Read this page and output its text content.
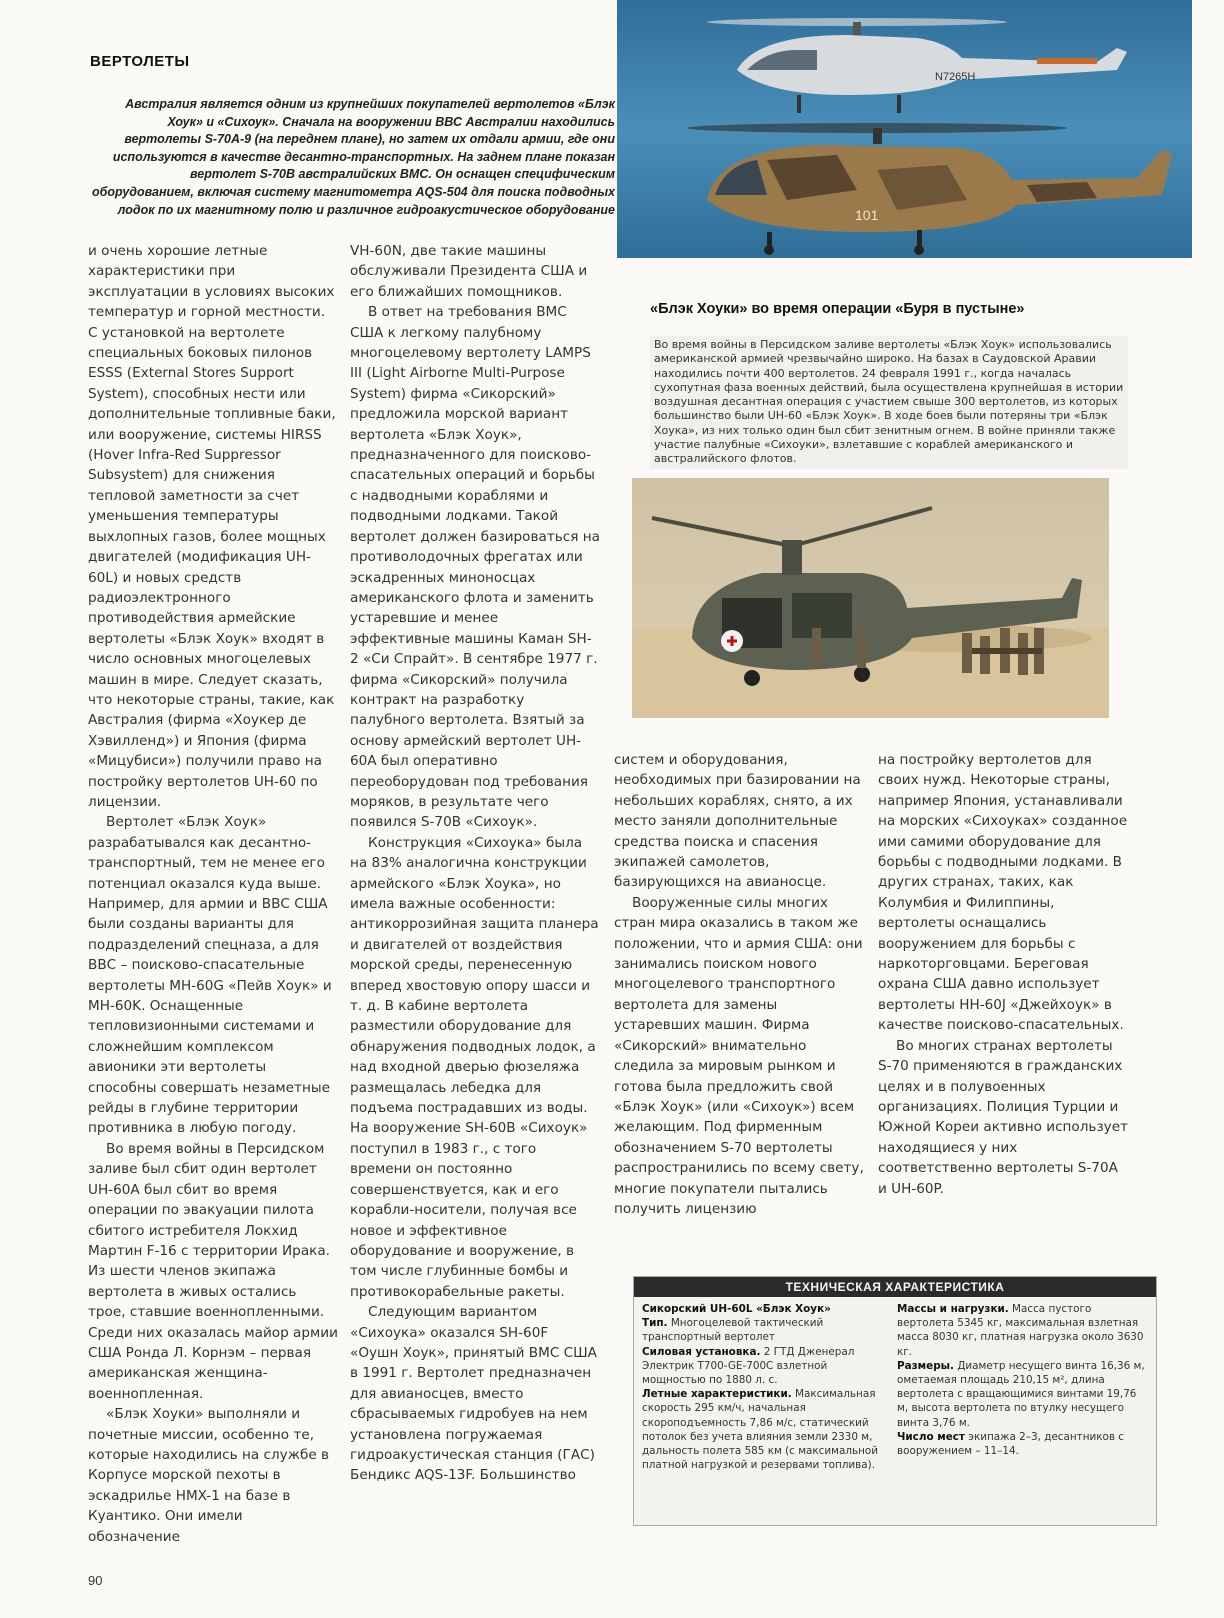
ВЕРТОЛЕТЫ
Австралия является одним из крупнейших покупателей вертолетов «Блэк Хоук» и «Сихоук». Сначала на вооружении ВВС Австралии находились вертолеты S-70A-9 (на переднем плане), но затем их отдали армии, где они используются в качестве десантно-транспортных. На заднем плане показан вертолет S-70B австралийских ВМС. Он оснащен специфическим оборудованием, включая систему магнитометра AQS-504 для поиска подводных лодок по их магнитному полю и различное гидроакустическое оборудование
N7265H
101
«Блэк Хоуки» во время операции «Буря в пустыне»
Во время войны в Персидском заливе вертолеты «Блэк Хоук» использовались американской армией чрезвычайно широко. На базах в Саудовской Аравии находились почти 400 вертолетов. 24 февраля 1991 г., когда началась сухопутная фаза военных действий, была осуществлена крупнейшая в истории воздушная десантная операция с участием свыше 300 вертолетов, из которых большинство были UH-60 «Блэк Хоук». В ходе боев были потеряны три «Блэк Хоука», из них только один был сбит зенитным огнем. В войне приняли также участие палубные «Сихоуки», взлетавшие с кораблей американского и австралийского флотов.

и очень хорошие летные характеристики при эксплуатации в условиях высоких температур и горной местности. С установкой на вертолете специальных боковых пилонов ESSS (External Stores Support System), способных нести или дополнительные топливные баки, или вооружение, системы HIRSS (Hover Infra-Red Suppressor Subsystem) для снижения тепловой заметности за счет уменьшения температуры выхлопных газов, более мощных двигателей (модификация UH-60L) и новых средств радиоэлектронного противодействия армейские вертолеты «Блэк Хоук» входят в число основных многоцелевых машин в мире. Следует сказать, что некоторые страны, такие, как Австралия (фирма «Хоукер де Хэвилленд») и Япония (фирма «Мицубиси») получили право на постройку вертолетов UH-60 по лицензии.

Вертолет «Блэк Хоук» разрабатывался как десантно-транспортный, тем не менее его потенциал оказался куда выше. Например, для армии и ВВС США были созданы варианты для подразделений спецназа, а для ВВС – поисково-спасательные вертолеты MH-60G «Пейв Хоук» и MH-60K. Оснащенные тепловизионными системами и сложнейшим комплексом авионики эти вертолеты способны совершать незаметные рейды в глубине территории противника в любую погоду.

Во время войны в Персидском заливе был сбит один вертолет UH-60A был сбит во время операции по эвакуации пилота сбитого истребителя Локхид Мартин F-16 с территории Ирака. Из шести членов экипажа вертолета в живых остались трое, ставшие военнопленными. Среди них оказалась майор армии США Ронда Л. Корнэм – первая американская женщина-военнопленная.

«Блэк Хоуки» выполняли и почетные миссии, особенно те, которые находились на службе в Корпусе морской пехоты в эскадрилье HMX-1 на базе в Куантико. Они имели обозначение

VH-60N, две такие машины обслуживали Президента США и его ближайших помощников.

В ответ на требования ВМС США к легкому палубному многоцелевому вертолету LAMPS III (Light Airborne Multi-Purpose System) фирма «Сикорский» предложила морской вариант вертолета «Блэк Хоук», предназначенного для поисково-спасательных операций и борьбы с надводными кораблями и подводными лодками. Такой вертолет должен базироваться на противолодочных фрегатах или эскадренных миноносцах американского флота и заменить устаревшие и менее эффективные машины Каман SH-2 «Си Спрайт». В сентябре 1977 г. фирма «Сикорский» получила контракт на разработку палубного вертолета. Взятый за основу армейский вертолет UH-60A был оперативно переоборудован под требования моряков, в результате чего появился S-70B «Сихоук».

Конструкция «Сихоука» была на 83% аналогична конструкции армейского «Блэк Хоука», но имела важные особенности: антикоррозийная защита планера и двигателей от воздействия морской среды, перенесенную вперед хвостовую опору шасси и т. д. В кабине вертолета разместили оборудование для обнаружения подводных лодок, а над входной дверью фюзеляжа размещалась лебедка для подъема пострадавших из воды. На вооружение SH-60B «Сихоук» поступил в 1983 г., с того времени он постоянно совершенствуется, как и его корабли-носители, получая все новое и эффективное оборудование и вооружение, в том числе глубинные бомбы и противокорабельные ракеты.

Следующим вариантом «Сихоука» оказался SH-60F «Оушн Хоук», принятый ВМС США в 1991 г. Вертолет предназначен для авианосцев, вместо сбрасываемых гидробуев на нем установлена погружаемая гидроакустическая станция (ГАС) Бендикс AQS-13F. Большинство

систем и оборудования, необходимых при базировании на небольших кораблях, снято, а их место заняли дополнительные средства поиска и спасения экипажей самолетов, базирующихся на авианосце.

Вооруженные силы многих стран мира оказались в таком же положении, что и армия США: они занимались поиском нового многоцелевого транспортного вертолета для замены устаревших машин. Фирма «Сикорский» внимательно следила за мировым рынком и готова была предложить свой «Блэк Хоук» (или «Сихоук») всем желающим. Под фирменным обозначением S-70 вертолеты распространились по всему свету, многие покупатели пытались получить лицензию

на постройку вертолетов для своих нужд. Некоторые страны, например Япония, устанавливали на морских «Сихоуках» созданное ими самими оборудование для борьбы с подводными лодками. В других странах, таких, как Колумбия и Филиппины, вертолеты оснащались вооружением для борьбы с наркоторговцами. Береговая охрана США давно использует вертолеты HH-60J «Джейхоук» в качестве поисково-спасательных.

Во многих странах вертолеты S-70 применяются в гражданских целях и в полувоенных организациях. Полиция Турции и Южной Кореи активно использует находящиеся у них соответственно вертолеты S-70A и UH-60P.

ТЕХНИЧЕСКАЯ ХАРАКТЕРИСТИКА
Сикорский UH-60L «Блэк Хоук»
Тип. Многоцелевой тактический транспортный вертолет
Силовая установка. 2 ГТД Дженерал Электрик T700-GE-700C взлетной мощностью по 1880 л. с.
Летные характеристики. Максимальная скорость 295 км/ч, начальная скороподъемность 7,86 м/с, статический потолок без учета влияния земли 2330 м, дальность полета 585 км (с максимальной платной нагрузкой и резервами топлива).
Массы и нагрузки. Масса пустого вертолета 5345 кг, максимальная взлетная масса 8030 кг, платная нагрузка около 3630 кг.
Размеры. Диаметр несущего винта 16,36 м, ометаемая площадь 210,15 м², длина вертолета с вращающимися винтами 19,76 м, высота вертолета по втулку несущего винта 3,76 м.
Число мест экипажа 2–3, десантников с вооружением – 11–14.
90
